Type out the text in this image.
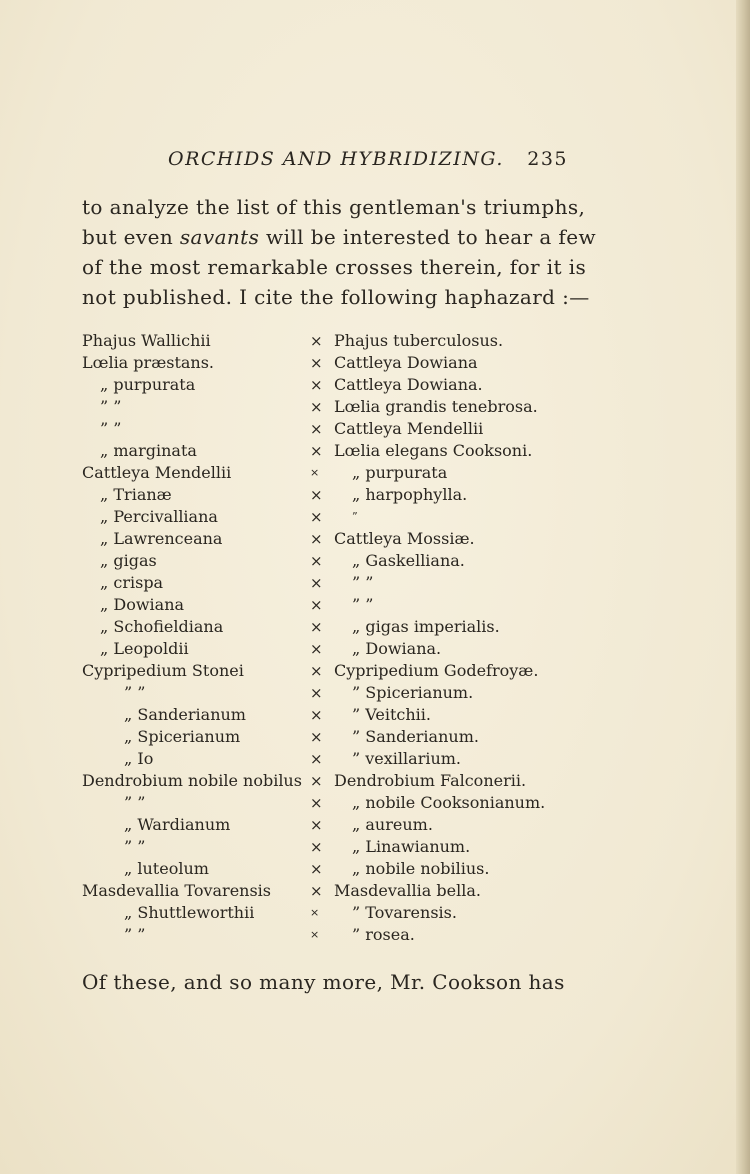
ORCHIDS AND HYBRIDIZING. 235
to analyze the list of this gentleman's triumphs,
but even savants will be interested to hear a few
of the most remarkable crosses therein, for it is
not published. I cite the following haphazard :—
Phajus Wallichii	× Phajus tuberculosus.
Lœlia præstans.	× Cattleya Dowiana
„ purpurata	× Cattleya Dowiana.
” ”	× Lœlia grandis tenebrosa.
” ”	× Cattleya Mendellii
„ marginata	× Lœlia elegans Cooksoni.
Cattleya Mendellii	× „ purpurata
„ Trianæ	× „ harpophylla.
„ Percivalliana	×	”
„ Lawrenceana	× Cattleya Mossiæ.
„ gigas	× „ Gaskelliana.
„ crispa	× ” ”
„ Dowiana	× ” ”
„ Schofieldiana	× „ gigas imperialis.
„ Leopoldii	× „ Dowiana.
Cypripedium Stonei	× Cypripedium Godefroyæ.
” ”	× ” Spicerianum.
„ Sanderianum	× ” Veitchii.
„ Spicerianum	× ” Sanderianum.
„ Io	× ” vexillarium.
Dendrobium nobile nobilus × Dendrobium Falconerii.
” ”	× „ nobile Cooksonianum.
„ Wardianum	× „ aureum.
” ”	× „ Linawianum.
„ luteolum	× „ nobile nobilius.
Masdevallia Tovarensis	× Masdevallia bella.
„ Shuttleworthii	× ” Tovarensis.
” ”	× ” rosea.
Of these, and so many more, Mr. Cookson has
